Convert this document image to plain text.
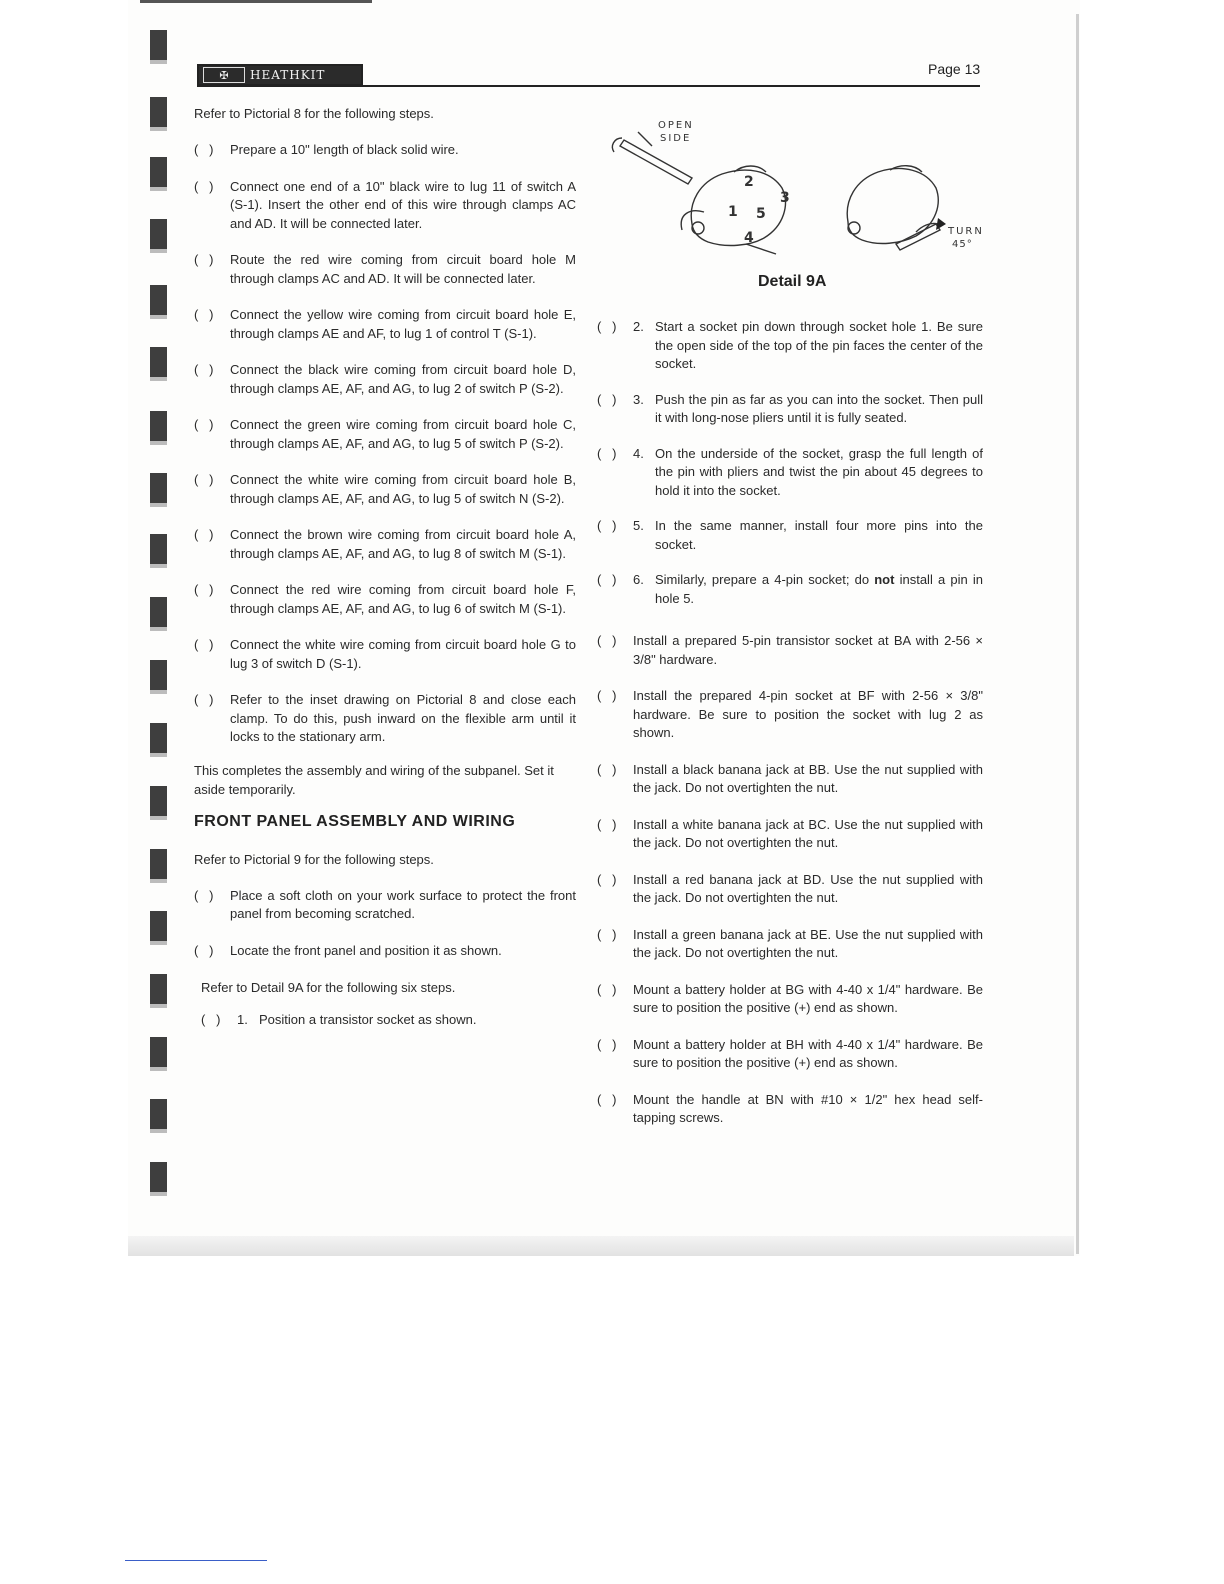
✠	HEATHKIT	Page 13

Refer to Pictorial 8 for the following steps.

(   )	Prepare a 10" length of black solid wire.
(   )	Connect one end of a 10" black wire to lug 11 of switch A (S-1). Insert the other end of this wire through clamps AC and AD. It will be connected later.
(   )	Route the red wire coming from circuit board hole M through clamps AC and AD. It will be connected later.
(   )	Connect the yellow wire coming from circuit board hole E, through clamps AE and AF, to lug 1 of control T (S-1).
(   )	Connect the black wire coming from circuit board hole D, through clamps AE, AF, and AG, to lug 2 of switch P (S-2).
(   )	Connect the green wire coming from circuit board hole C, through clamps AE, AF, and AG, to lug 5 of switch P (S-2).
(   )	Connect the white wire coming from circuit board hole B, through clamps AE, AF, and AG, to lug 5 of switch N (S-2).
(   )	Connect the brown wire coming from circuit board hole A, through clamps AE, AF, and AG, to lug 8 of switch M (S-1).
(   )	Connect the red wire coming from circuit board hole F, through clamps AE, AF, and AG, to lug 6 of switch M (S-1).
(   )	Connect the white wire coming from circuit board hole G to lug 3 of switch D (S-1).
(   )	Refer to the inset drawing on Pictorial 8 and close each clamp. To do this, push inward on the flexible arm until it locks to the stationary arm.

This completes the assembly and wiring of the subpanel. Set it aside temporarily.

FRONT PANEL ASSEMBLY AND WIRING

Refer to Pictorial 9 for the following steps.

(   )	Place a soft cloth on your work surface to protect the front panel from becoming scratched.
(   )	Locate the front panel and position it as shown.

Refer to Detail 9A for the following six steps.

(   )	1. Position a transistor socket as shown.
OPEN
SIDE
2
3
1 5
4	TURN
45°
Detail 9A
(   )	2. Start a socket pin down through socket hole 1. Be sure the open side of the top of the pin faces the center of the socket.
(   )	3. Push the pin as far as you can into the socket. Then pull it with long-nose pliers until it is fully seated.
(   )	4. On the underside of the socket, grasp the full length of the pin with pliers and twist the pin about 45 degrees to hold it into the socket.
(   )	5. In the same manner, install four more pins into the socket.
(   )	6. Similarly, prepare a 4-pin socket; do not install a pin in hole 5.
(   )	Install a prepared 5-pin transistor socket at BA with 2-56 × 3/8" hardware.
(   )	Install the prepared 4-pin socket at BF with 2-56 × 3/8" hardware. Be sure to position the socket with lug 2 as shown.
(   )	Install a black banana jack at BB. Use the nut supplied with the jack. Do not overtighten the nut.
(   )	Install a white banana jack at BC. Use the nut supplied with the jack. Do not overtighten the nut.
(   )	Install a red banana jack at BD. Use the nut supplied with the jack. Do not overtighten the nut.
(   )	Install a green banana jack at BE. Use the nut supplied with the jack. Do not overtighten the nut.
(   )	Mount a battery holder at BG with 4-40 x 1/4" hardware. Be sure to position the positive (+) end as shown.
(   )	Mount a battery holder at BH with 4-40 x 1/4" hardware. Be sure to position the positive (+) end as shown.
(   )	Mount the handle at BN with #10 × 1/2" hex head self-tapping screws.
